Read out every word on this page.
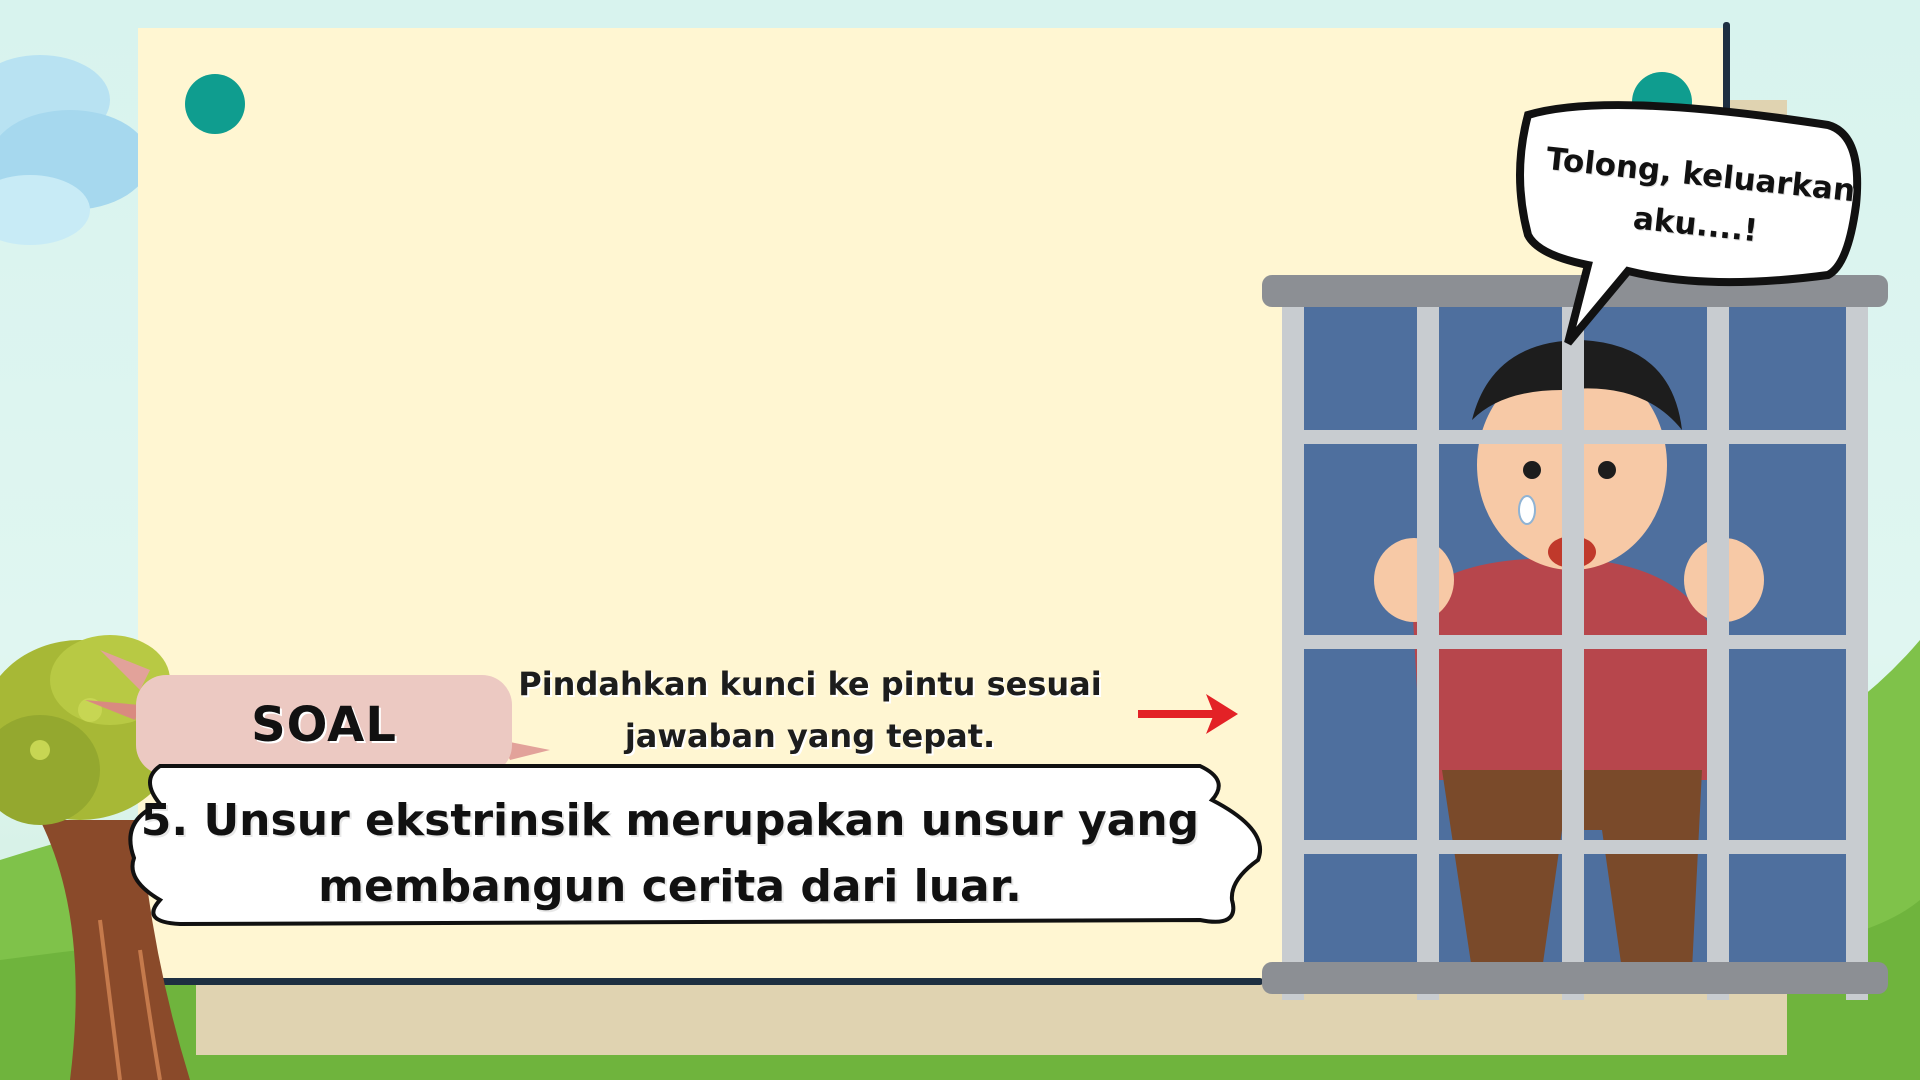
SOAL
Pindahkan kunci ke pintu sesuai jawaban yang tepat.
5. Unsur ekstrinsik merupakan unsur yang membangun cerita dari luar.
Tolong, keluarkan aku....!
